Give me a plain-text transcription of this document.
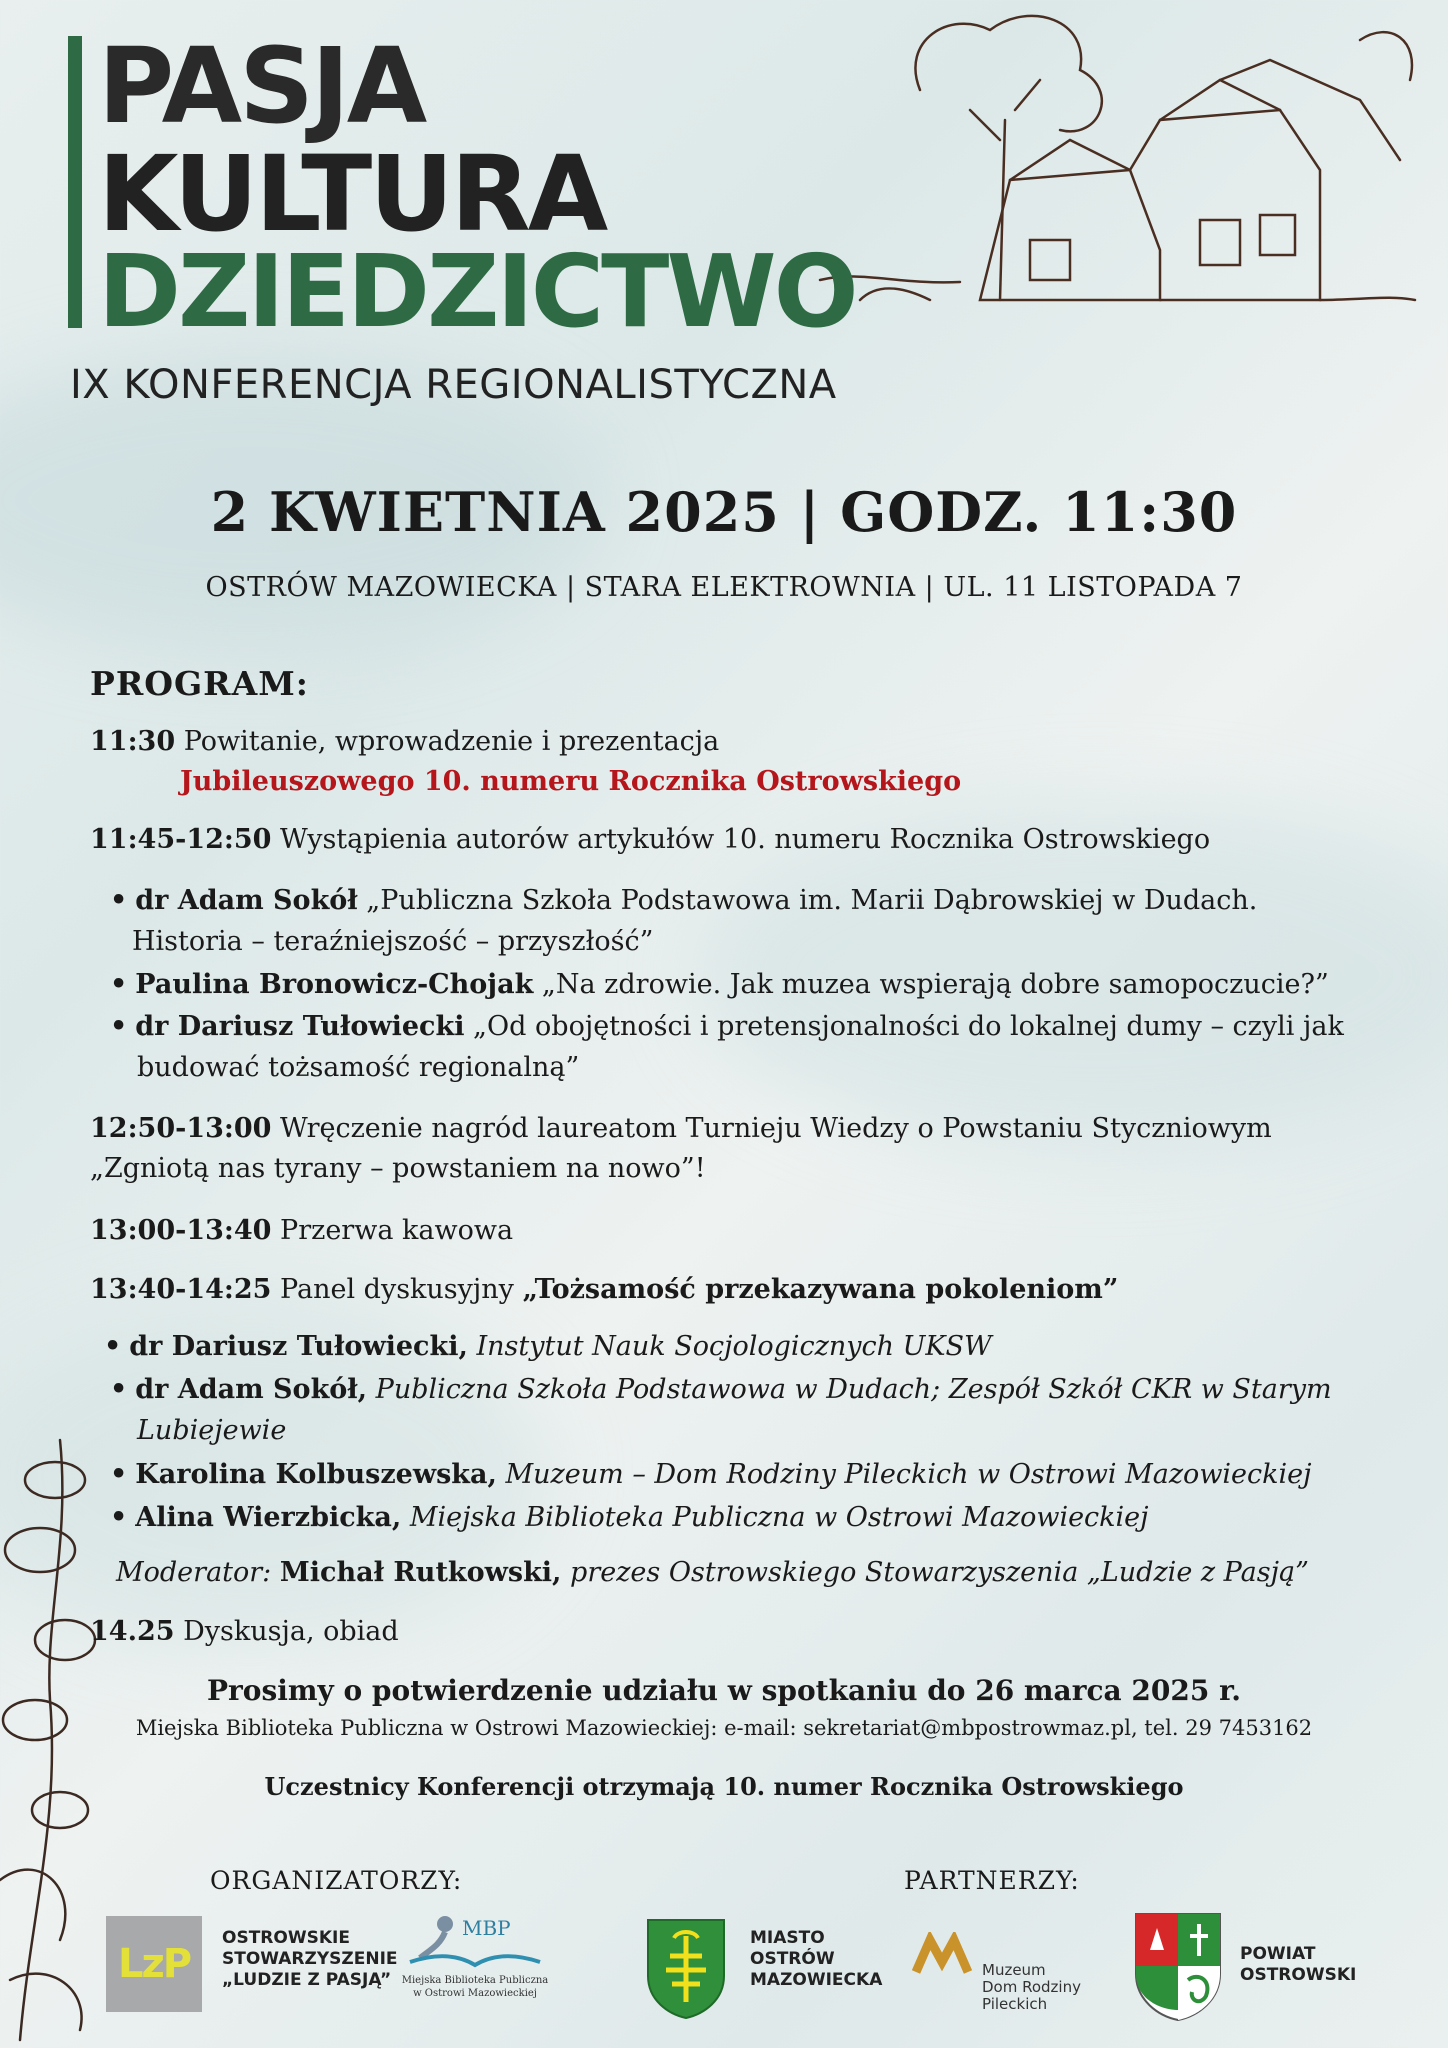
PASJA
KULTURA
DZIEDZICTWO
IX KONFERENCJA REGIONALISTYCZNA
2 KWIETNIA 2025 | GODZ. 11:30
OSTRÓW MAZOWIECKA | STARA ELEKTROWNIA | UL. 11 LISTOPADA 7
PROGRAM:
11:30 Powitanie, wprowadzenie i prezentacja
Jubileuszowego 10. numeru Rocznika Ostrowskiego
11:45-12:50 Wystąpienia autorów artykułów 10. numeru Rocznika Ostrowskiego
• dr Adam Sokół „Publiczna Szkoła Podstawowa im. Marii Dąbrowskiej w Dudach.
Historia – teraźniejszość – przyszłość”
• Paulina Bronowicz-Chojak „Na zdrowie. Jak muzea wspierają dobre samopoczucie?”
• dr Dariusz Tułowiecki „Od obojętności i pretensjonalności do lokalnej dumy – czyli jak
budować tożsamość regionalną”
12:50-13:00 Wręczenie nagród laureatom Turnieju Wiedzy o Powstaniu Styczniowym
„Zgniotą nas tyrany – powstaniem na nowo”!
13:00-13:40 Przerwa kawowa
13:40-14:25 Panel dyskusyjny „Tożsamość przekazywana pokoleniom”
• dr Dariusz Tułowiecki, Instytut Nauk Socjologicznych UKSW
• dr Adam Sokół, Publiczna Szkoła Podstawowa w Dudach; Zespół Szkół CKR w Starym
Lubiejewie
• Karolina Kolbuszewska, Muzeum – Dom Rodziny Pileckich w Ostrowi Mazowieckiej
• Alina Wierzbicka, Miejska Biblioteka Publiczna w Ostrowi Mazowieckiej
Moderator: Michał Rutkowski, prezes Ostrowskiego Stowarzyszenia „Ludzie z Pasją”
14.25 Dyskusja, obiad
Prosimy o potwierdzenie udziału w spotkaniu do 26 marca 2025 r.
Miejska Biblioteka Publiczna w Ostrowi Mazowieckiej: e-mail: sekretariat@mbpostrowmaz.pl, tel. 29 7453162
Uczestnicy Konferencji otrzymają 10. numer Rocznika Ostrowskiego
ORGANIZATORZY:	PARTNERZY:
LzP
OSTROWSKIE
STOWARZYSZENIE
„LUDZIE Z PASJĄ”
MBP
Miejska Biblioteka Publiczna
w Ostrowi Mazowieckiej
MIASTO
OSTRÓW
MAZOWIECKA	Muzeum
Dom Rodziny
Pileckich
POWIAT
OSTROWSKI
